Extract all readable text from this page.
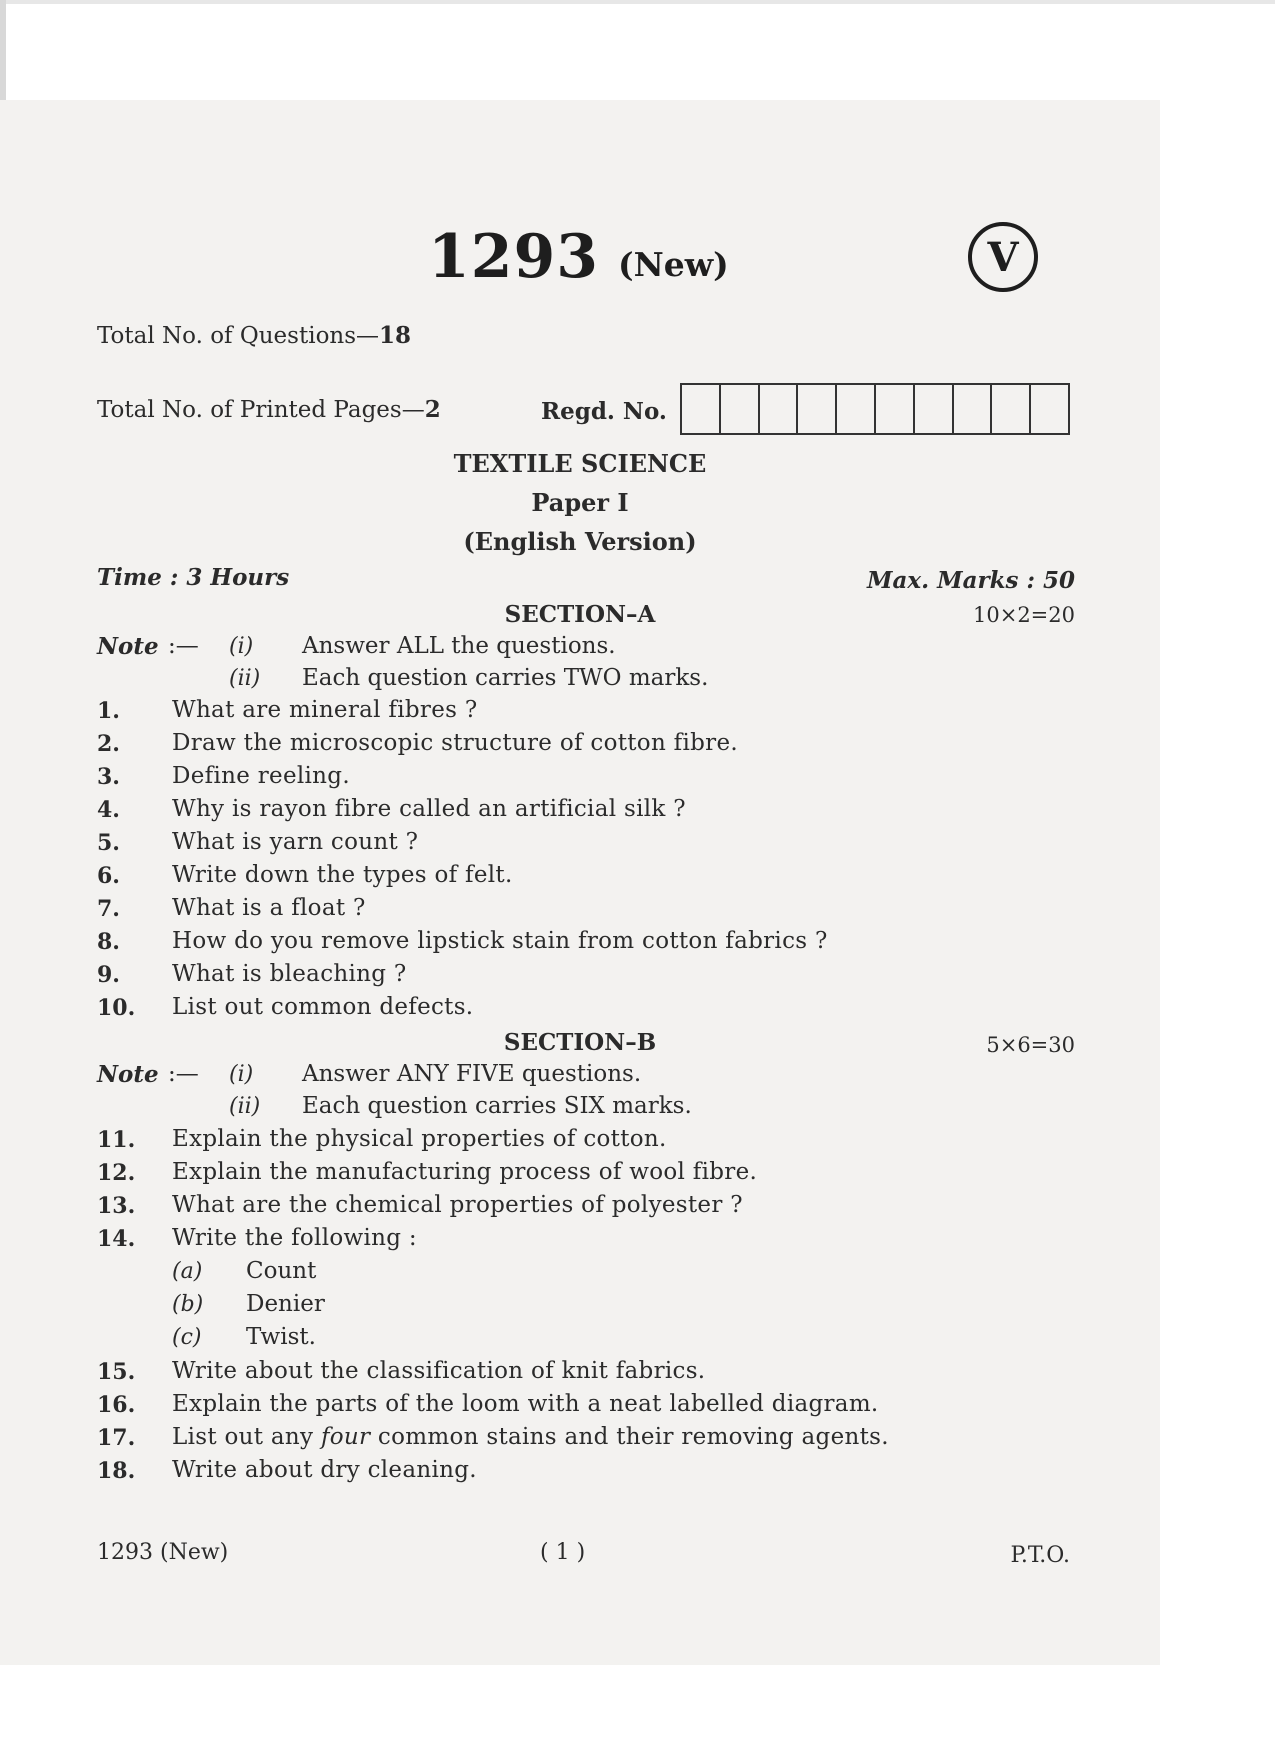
1293 (New)	V
Total No. of Questions—18
Total No. of Printed Pages—2	Regd. No.
TEXTILE SCIENCE
Paper I
(English Version)
Time : 3 Hours	Max. Marks : 50
SECTION–A	10×2=20
Note :— (i) Answer ALL the questions.
(ii) Each question carries TWO marks.
1. What are mineral fibres ?
2. Draw the microscopic structure of cotton fibre.
3. Define reeling.
4. Why is rayon fibre called an artificial silk ?
5. What is yarn count ?
6. Write down the types of felt.
7. What is a float ?
8. How do you remove lipstick stain from cotton fabrics ?
9. What is bleaching ?
10. List out common defects.
SECTION–B	5×6=30
Note :— (i) Answer ANY FIVE questions.
(ii) Each question carries SIX marks.
11. Explain the physical properties of cotton.
12. Explain the manufacturing process of wool fibre.
13. What are the chemical properties of polyester ?
14. Write the following :
(a) Count
(b) Denier
(c) Twist.
15. Write about the classification of knit fabrics.
16. Explain the parts of the loom with a neat labelled diagram.
17. List out any four common stains and their removing agents.
18. Write about dry cleaning.
1293 (New)	( 1 )	P.T.O.
